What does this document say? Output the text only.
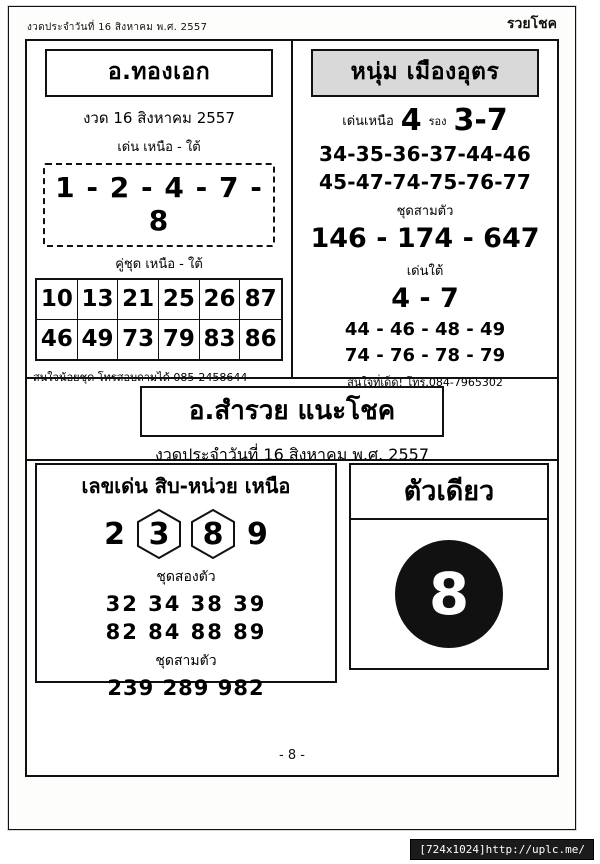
งวดประจำวันที่ 16 สิงหาคม พ.ศ. 2557	รวยโชค
อ.ทองเอก
งวด 16 สิงหาคม 2557
เด่น เหนือ - ใต้
1 - 2 - 4 - 7 - 8
คู่ชุด เหนือ - ใต้
10 13 21 25 26 87
46 49 73 79 83 86
สนใจน้อยชุด โทรสอบถามได้ 085-2458644
หนุ่ม เมืองอุตร
เด่นเหนือ 4 รอง 3-7
34-35-36-37-44-46
45-47-74-75-76-77
ชุดสามตัว
146 - 174 - 647
เด่นใต้
4 - 7
44 - 46 - 48 - 49
74 - 76 - 78 - 79
สนใจที่เด็ด! โทร.084-7965302
อ.สำรวย แนะโชค
งวดประจำวันที่ 16 สิงหาคม พ.ศ. 2557
เลขเด่น สิบ-หน่วย เหนือ
2 3 8 9
ชุดสองตัว
32 34 38 39
82 84 88 89
ชุดสามตัว
239 289 982
ตัวเดียว
8
- 8 -
[724x1024]http://uplc.me/
